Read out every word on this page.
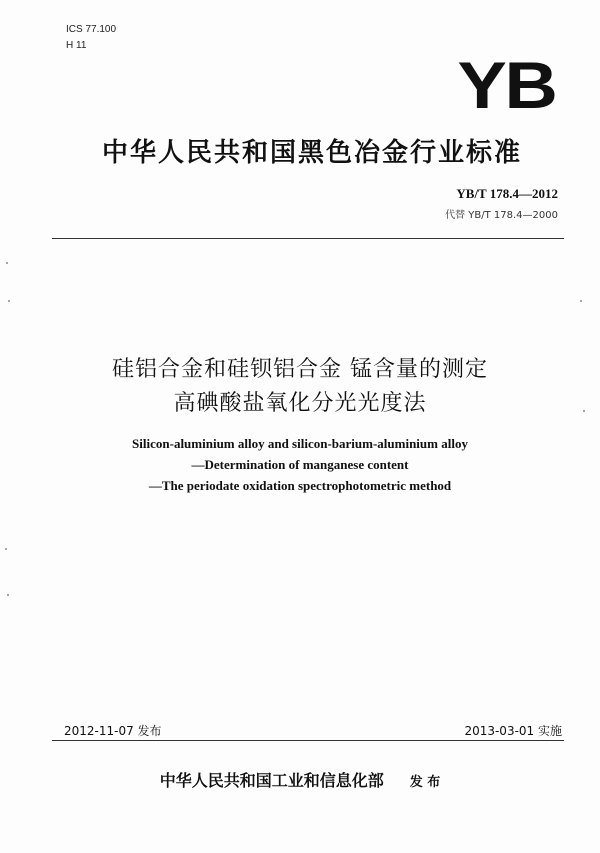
ICS 77.100
H 11
YB
中华人民共和国黑色冶金行业标准
YB/T 178.4—2012
代替 YB/T 178.4—2000
硅铝合金和硅钡铝合金 锰含量的测定
高碘酸盐氧化分光光度法
Silicon-aluminium alloy and silicon-barium-aluminium alloy
—Determination of manganese content
—The periodate oxidation spectrophotometric method
2012-11-07 发布	2013-03-01 实施
中华人民共和国工业和信息化部 发 布
